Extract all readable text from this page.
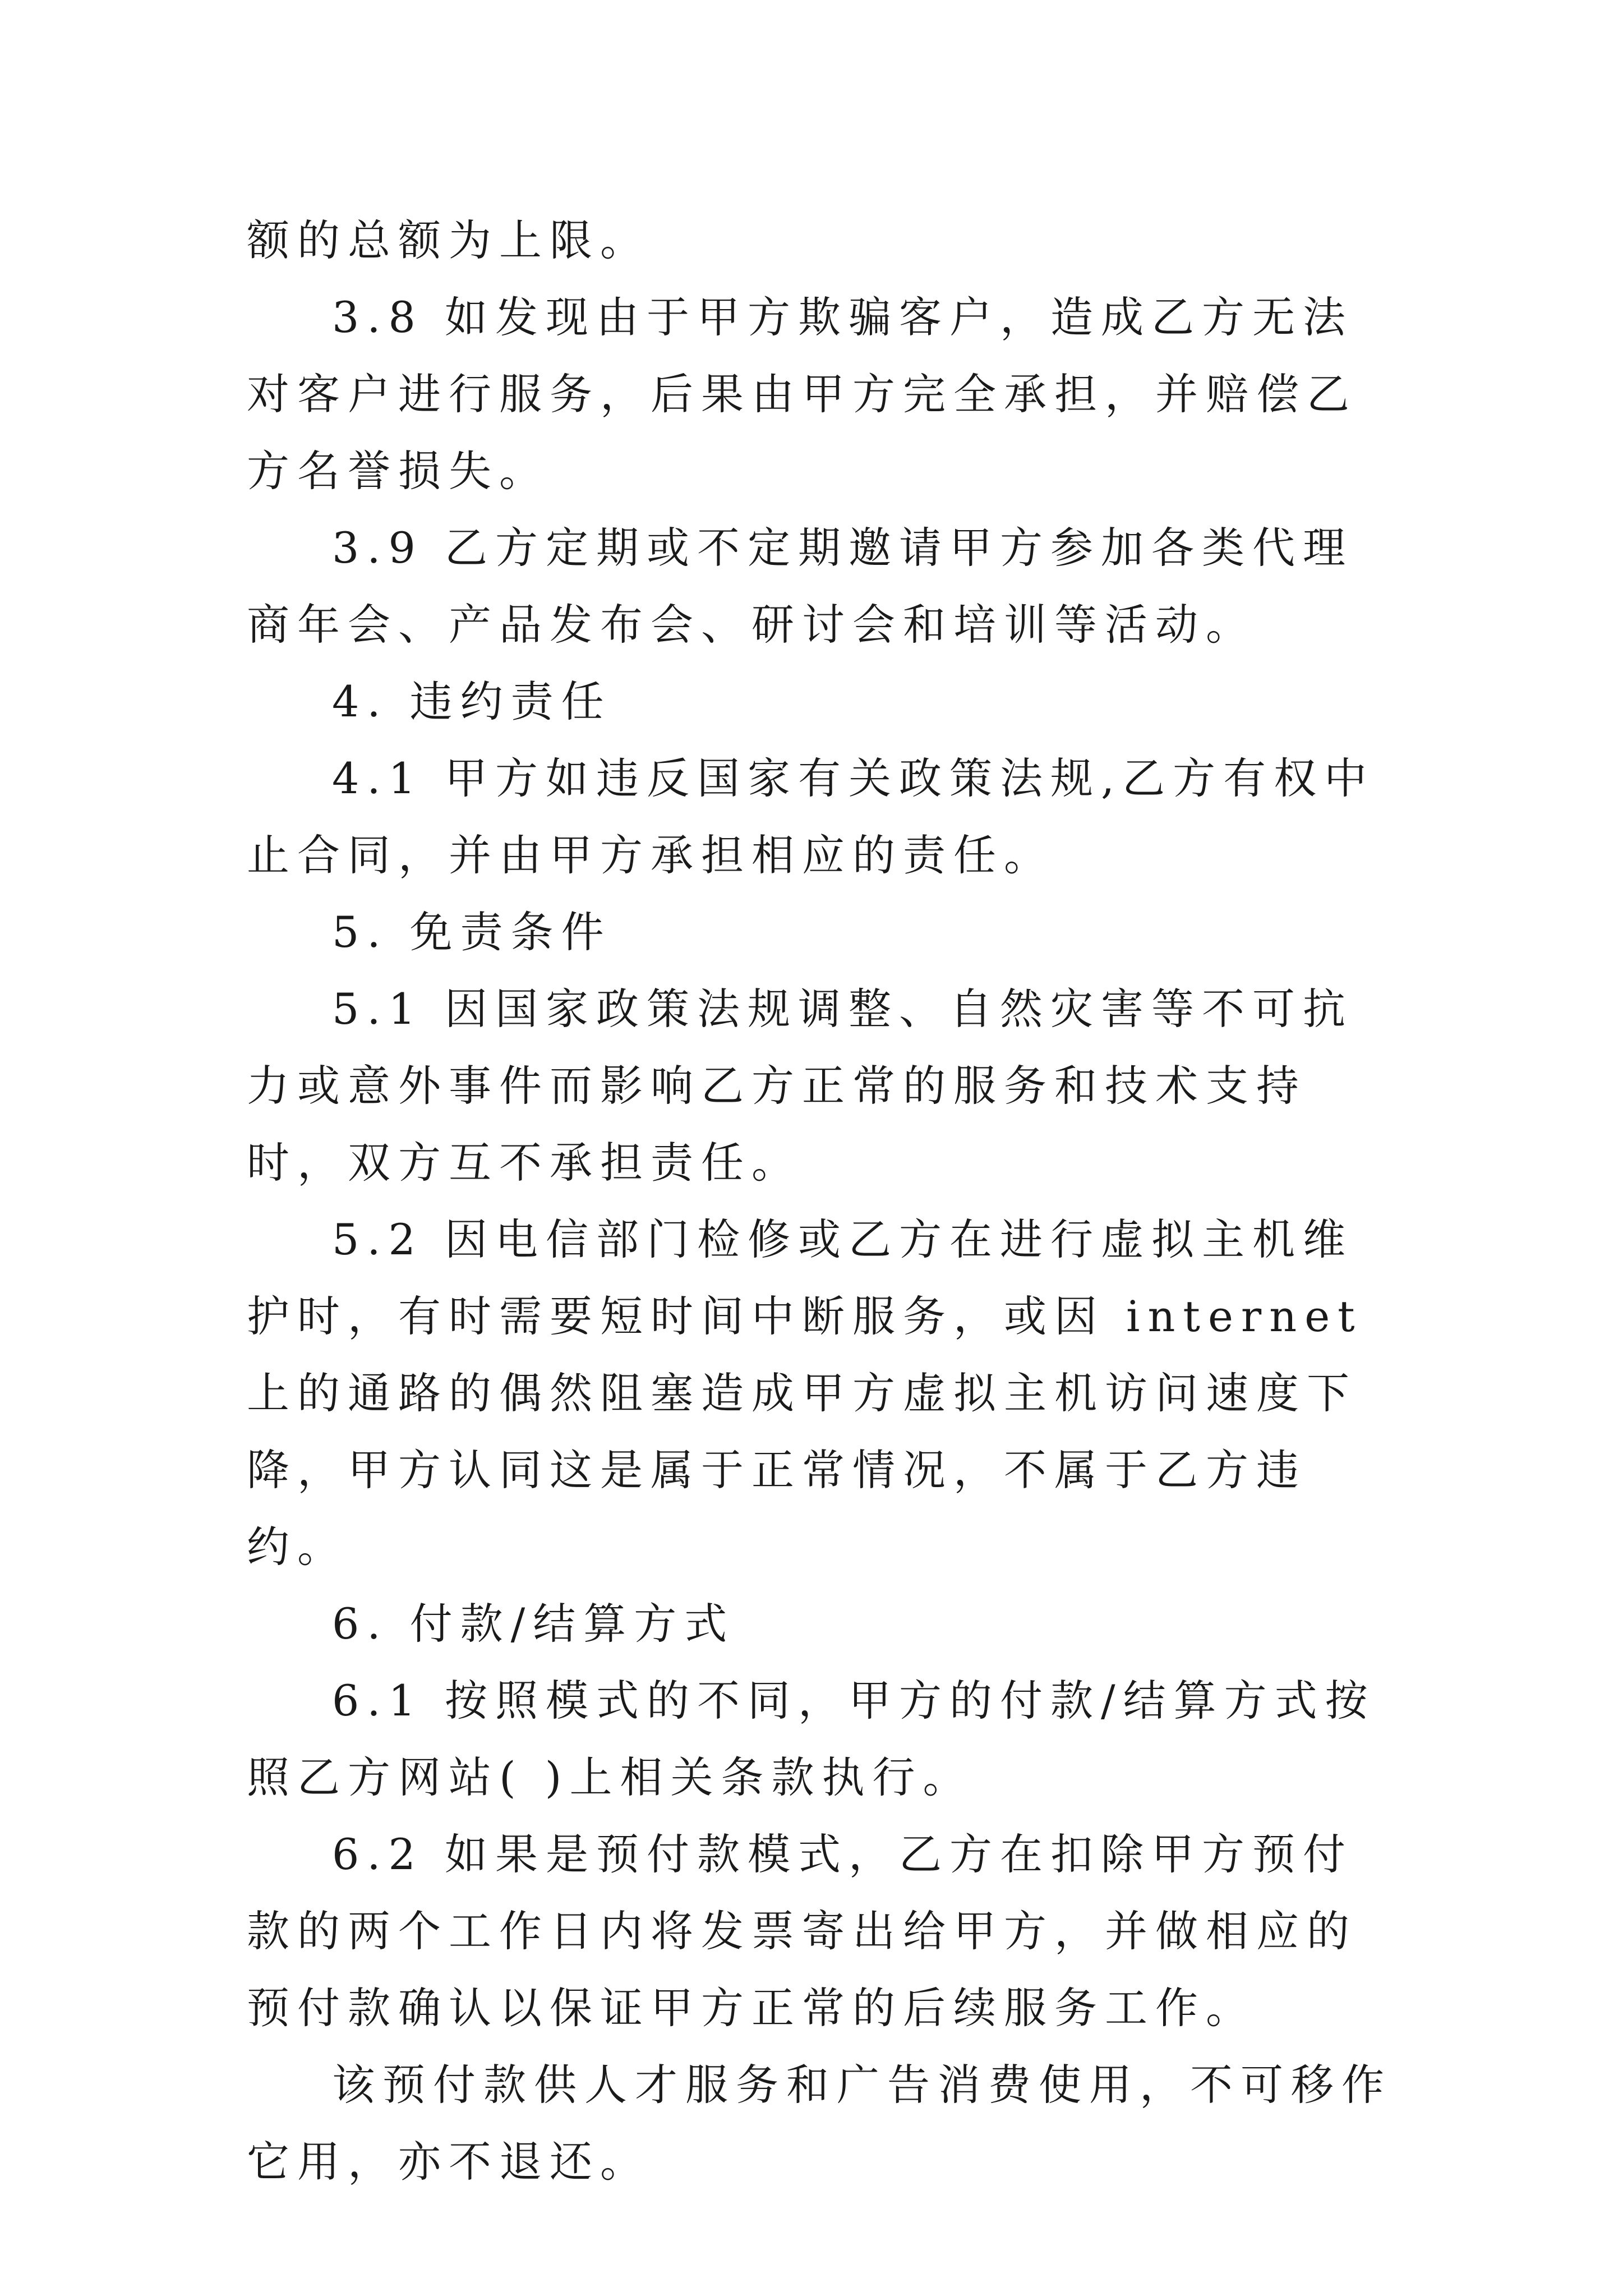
额的总额为上限。

3.8 如发现由于甲方欺骗客户，造成乙方无法对客户进行服务，后果由甲方完全承担，并赔偿乙方名誉损失。

3.9 乙方定期或不定期邀请甲方参加各类代理商年会、产品发布会、研讨会和培训等活动。

4. 违约责任

4.1 甲方如违反国家有关政策法规,乙方有权中止合同，并由甲方承担相应的责任。

5. 免责条件

5.1 因国家政策法规调整、自然灾害等不可抗力或意外事件而影响乙方正常的服务和技术支持时，双方互不承担责任。

5.2 因电信部门检修或乙方在进行虚拟主机维护时，有时需要短时间中断服务，或因 internet 上的通路的偶然阻塞造成甲方虚拟主机访问速度下降，甲方认同这是属于正常情况，不属于乙方违约。

6. 付款/结算方式

6.1 按照模式的不同，甲方的付款/结算方式按照乙方网站( )上相关条款执行。

6.2 如果是预付款模式，乙方在扣除甲方预付款的两个工作日内将发票寄出给甲方，并做相应的预付款确认以保证甲方正常的后续服务工作。

该预付款供人才服务和广告消费使用，不可移作它用，亦不退还。
